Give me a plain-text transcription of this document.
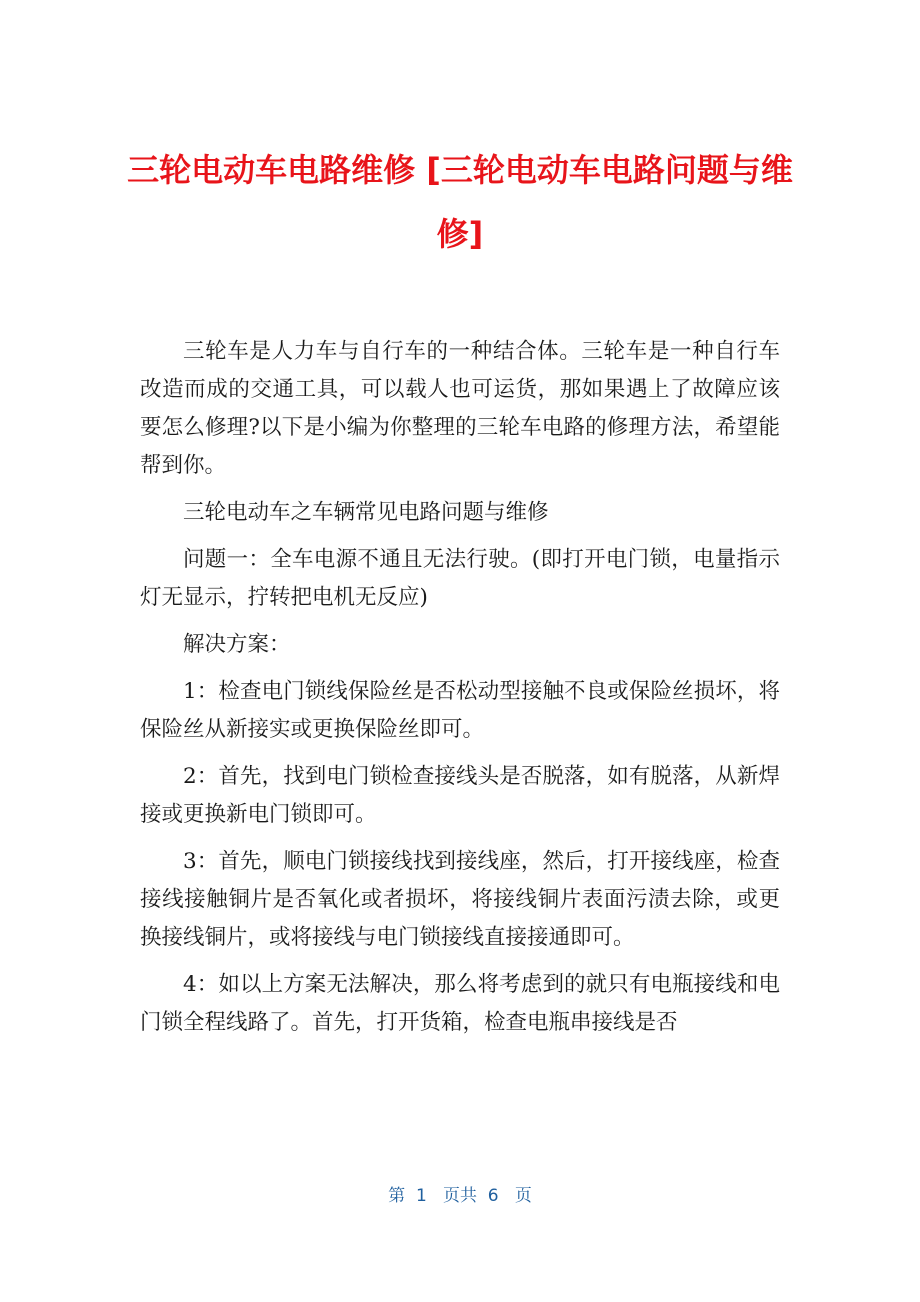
三轮电动车电路维修 [三轮电动车电路问题与维修]

三轮车是人力车与自行车的一种结合体。三轮车是一种自行车改造而成的交通工具，可以载人也可运货，那如果遇上了故障应该要怎么修理?以下是小编为你整理的三轮车电路的修理方法，希望能帮到你。

三轮电动车之车辆常见电路问题与维修

问题一：全车电源不通且无法行驶。(即打开电门锁，电量指示灯无显示，拧转把电机无反应)

解决方案：

1：检查电门锁线保险丝是否松动型接触不良或保险丝损坏，将保险丝从新接实或更换保险丝即可。

2：首先，找到电门锁检查接线头是否脱落，如有脱落，从新焊接或更换新电门锁即可。

3：首先，顺电门锁接线找到接线座，然后，打开接线座，检查接线接触铜片是否氧化或者损坏，将接线铜片表面污渍去除，或更换接线铜片，或将接线与电门锁接线直接接通即可。

4：如以上方案无法解决，那么将考虑到的就只有电瓶接线和电门锁全程线路了。首先，打开货箱，检查电瓶串接线是否

第  1   页共  6   页
